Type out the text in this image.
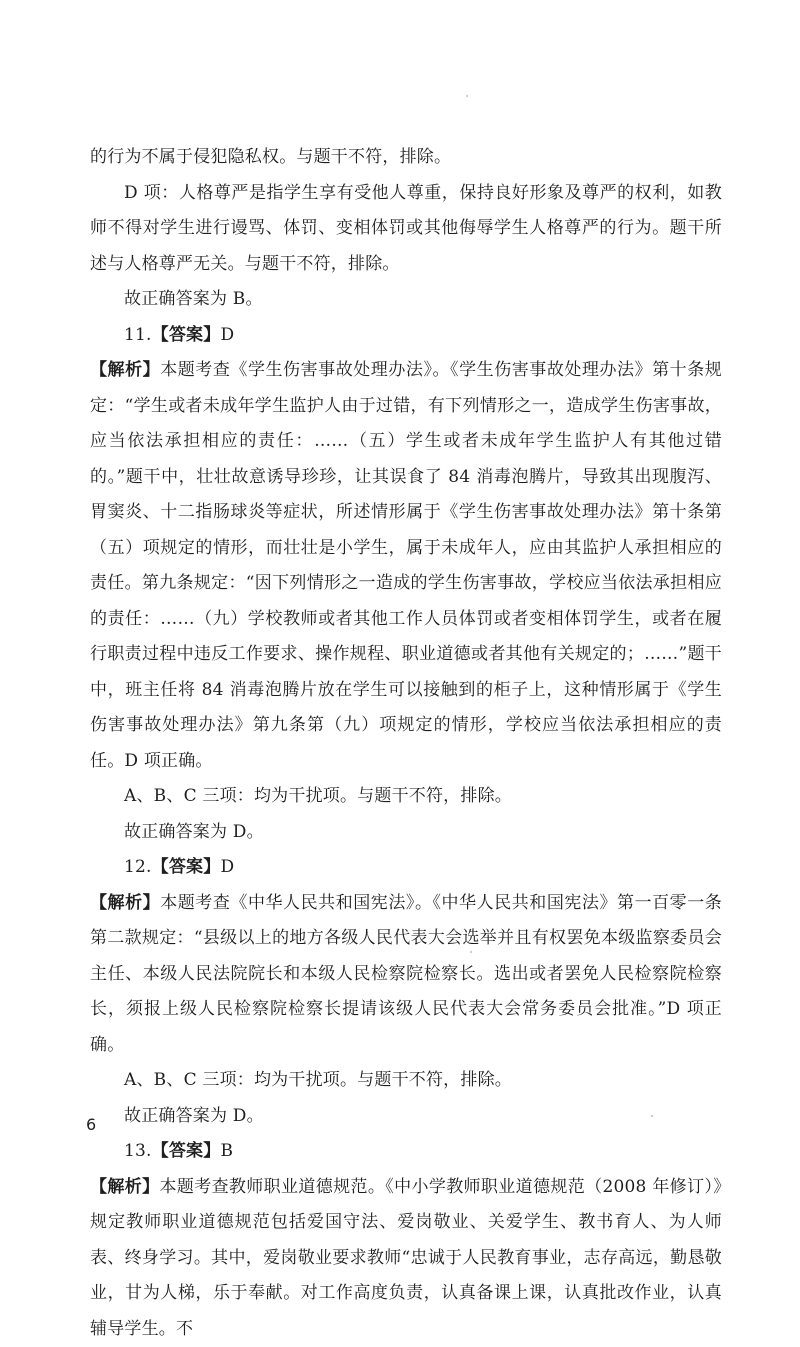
的行为不属于侵犯隐私权。与题干不符，排除。

D 项：人格尊严是指学生享有受他人尊重，保持良好形象及尊严的权利，如教师不得对学生进行谩骂、体罚、变相体罚或其他侮辱学生人格尊严的行为。题干所述与人格尊严无关。与题干不符，排除。

故正确答案为 B。

11.【答案】D

【解析】本题考查《学生伤害事故处理办法》。《学生伤害事故处理办法》第十条规定：“学生或者未成年学生监护人由于过错，有下列情形之一，造成学生伤害事故，应当依法承担相应的责任：……（五）学生或者未成年学生监护人有其他过错的。”题干中，壮壮故意诱导珍珍，让其误食了 84 消毒泡腾片，导致其出现腹泻、胃窦炎、十二指肠球炎等症状，所述情形属于《学生伤害事故处理办法》第十条第（五）项规定的情形，而壮壮是小学生，属于未成年人，应由其监护人承担相应的责任。第九条规定：“因下列情形之一造成的学生伤害事故，学校应当依法承担相应的责任：……（九）学校教师或者其他工作人员体罚或者变相体罚学生，或者在履行职责过程中违反工作要求、操作规程、职业道德或者其他有关规定的；……”题干中，班主任将 84 消毒泡腾片放在学生可以接触到的柜子上，这种情形属于《学生伤害事故处理办法》第九条第（九）项规定的情形，学校应当依法承担相应的责任。D 项正确。

A、B、C 三项：均为干扰项。与题干不符，排除。

故正确答案为 D。

12.【答案】D

【解析】本题考查《中华人民共和国宪法》。《中华人民共和国宪法》第一百零一条第二款规定：“县级以上的地方各级人民代表大会选举并且有权罢免本级监察委员会主任、本级人民法院院长和本级人民检察院检察长。选出或者罢免人民检察院检察长，须报上级人民检察院检察长提请该级人民代表大会常务委员会批准。”D 项正确。

A、B、C 三项：均为干扰项。与题干不符，排除。

故正确答案为 D。

13.【答案】B

【解析】本题考查教师职业道德规范。《中小学教师职业道德规范（2008 年修订）》规定教师职业道德规范包括爱国守法、爱岗敬业、关爱学生、教书育人、为人师表、终身学习。其中，爱岗敬业要求教师“忠诚于人民教育事业，志存高远，勤恳敬业，甘为人梯，乐于奉献。对工作高度负责，认真备课上课，认真批改作业，认真辅导学生。不

6
